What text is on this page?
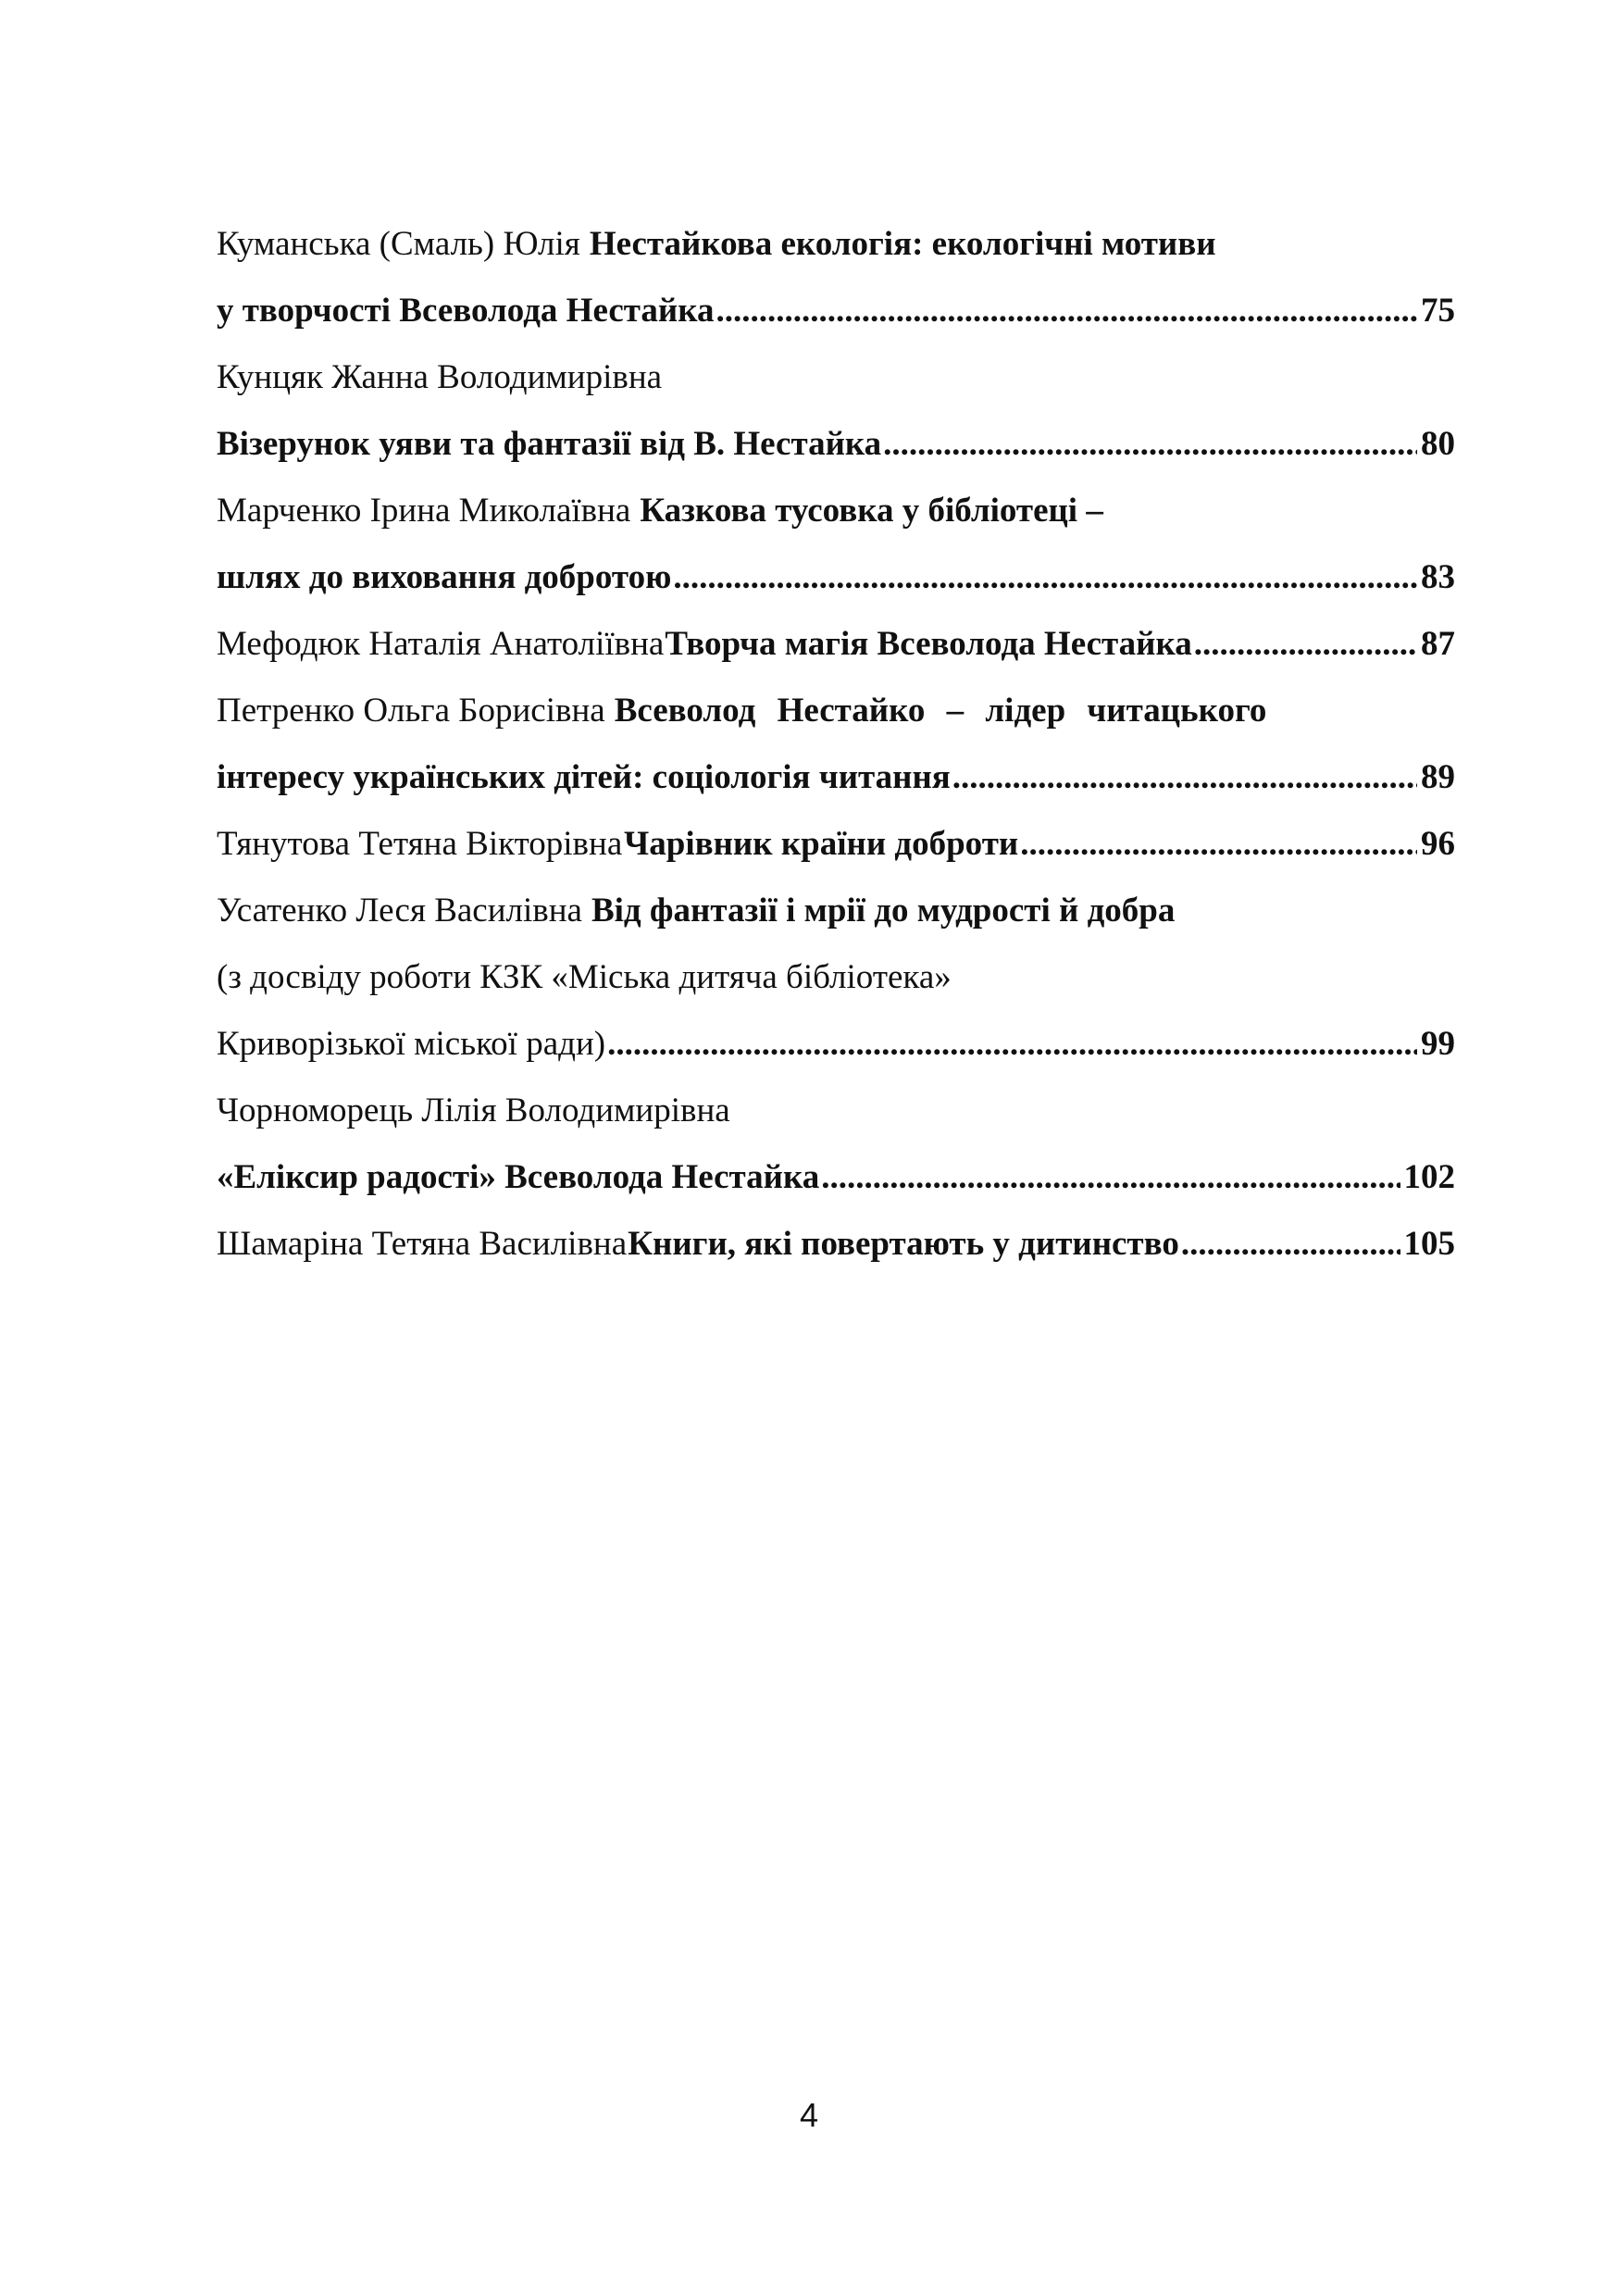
Куманська (Смаль) Юлія Нестайкова екологія: екологічні мотиви
у творчості Всеволода Нестайка .....	75
Кунцяк Жанна Володимирівна
Візерунок уяви та фантазії від В. Нестайка .....	80
Марченко Ірина Миколаївна Казкова тусовка у бібліотеці –
шлях до виховання добротою .....	83
Мефодюк Наталія Анатоліївна Творча магія Всеволода Нестайка .....	87
Петренко Ольга Борисівна Всеволод Нестайко – лідер читацького
інтересу українських дітей: соціологія читання .....	89
Тянутова Тетяна Вікторівна Чарівник країни доброти .....	96
Усатенко Леся Василівна Від фантазії і мрії до мудрості й добра
(з досвіду роботи КЗК «Міська дитяча бібліотека»
Криворізької міської ради) .....	99
Чорноморець Лілія Володимирівна
«Еліксир радості» Всеволода Нестайка .....	102
Шамаріна Тетяна Василівна Книги, які повертають у дитинство .....	105
4
